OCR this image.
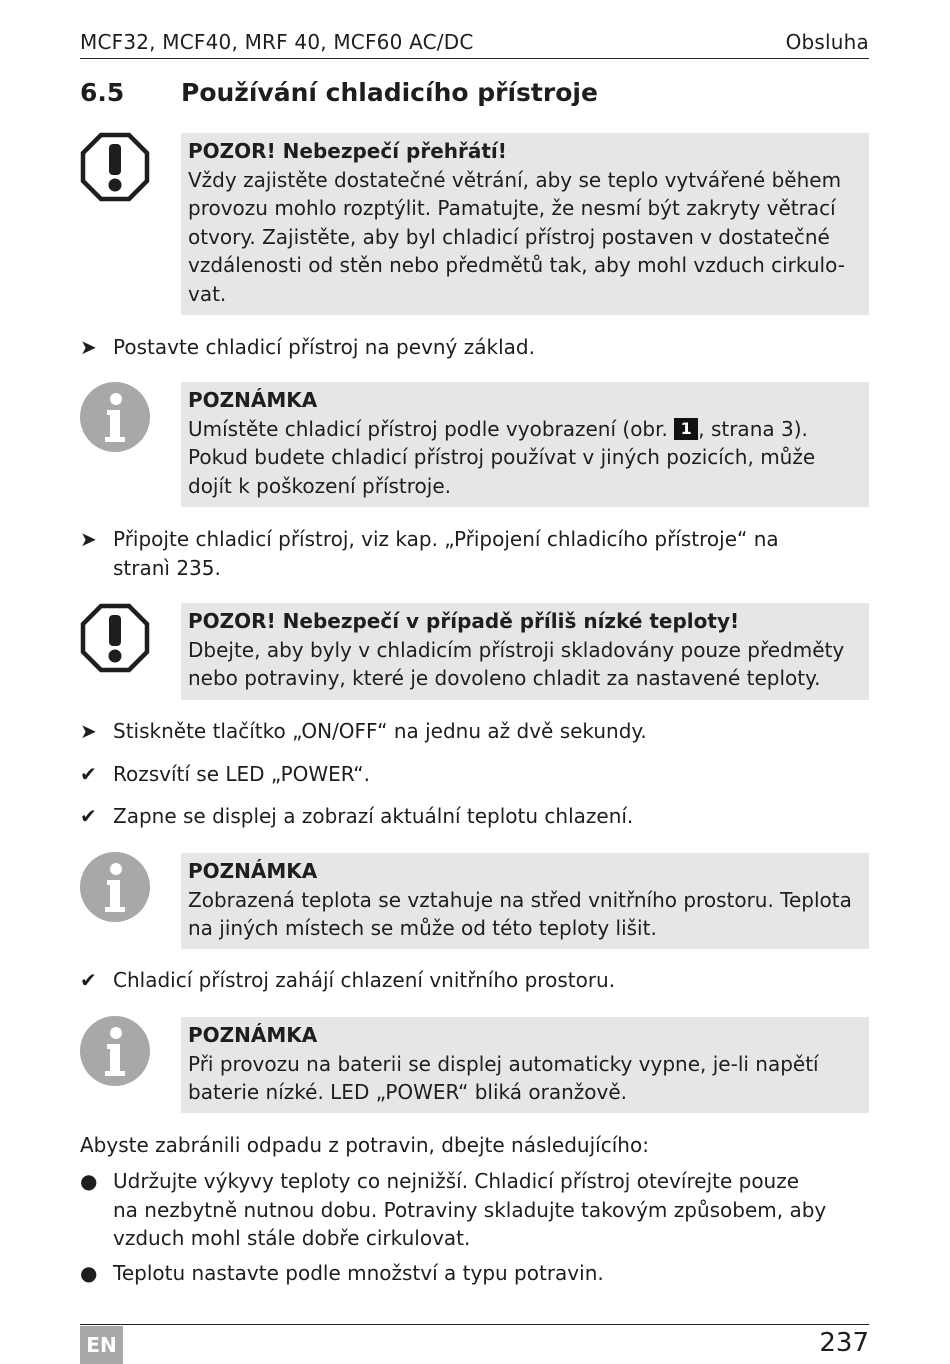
MCF32, MCF40, MRF 40, MCF60 AC/DC	Obsluha
6.5 Používání chladicího přístroje
POZOR! Nebezpečí přehřátí!
Vždy zajistěte dostatečné větrání, aby se teplo vytvářené během
provozu mohlo rozptýlit. Pamatujte, že nesmí být zakryty větrací
otvory. Zajistěte, aby byl chladicí přístroj postaven v dostatečné
vzdálenosti od stěn nebo předmětů tak, aby mohl vzduch cirkulo-
vat.
➤ Postavte chladicí přístroj na pevný základ.
POZNÁMKA
Umístěte chladicí přístroj podle vyobrazení (obr. 1 , strana 3).
Pokud budete chladicí přístroj používat v jiných pozicích, může
dojít k poškození přístroje.
➤ Připojte chladicí přístroj, viz kap. „Připojení chladicího přístroje“ na
stranì 235.
POZOR! Nebezpečí v případě příliš nízké teploty!
Dbejte, aby byly v chladicím přístroji skladovány pouze předměty
nebo potraviny, které je dovoleno chladit za nastavené teploty.
➤ Stiskněte tlačítko „ON/OFF“ na jednu až dvě sekundy.
✔ Rozsvítí se LED „POWER“.
✔ Zapne se displej a zobrazí aktuální teplotu chlazení.
POZNÁMKA
Zobrazená teplota se vztahuje na střed vnitřního prostoru. Teplota
na jiných místech se může od této teploty lišit.
✔ Chladicí přístroj zahájí chlazení vnitřního prostoru.
POZNÁMKA
Při provozu na baterii se displej automaticky vypne, je-li napětí
baterie nízké. LED „POWER“ bliká oranžově.
Abyste zabránili odpadu z potravin, dbejte následujícího:
● Udržujte výkyvy teploty co nejnižší. Chladicí přístroj otevírejte pouze
na nezbytně nutnou dobu. Potraviny skladujte takovým způsobem, aby
vzduch mohl stále dobře cirkulovat.
● Teplotu nastavte podle množství a typu potravin.
EN	237
